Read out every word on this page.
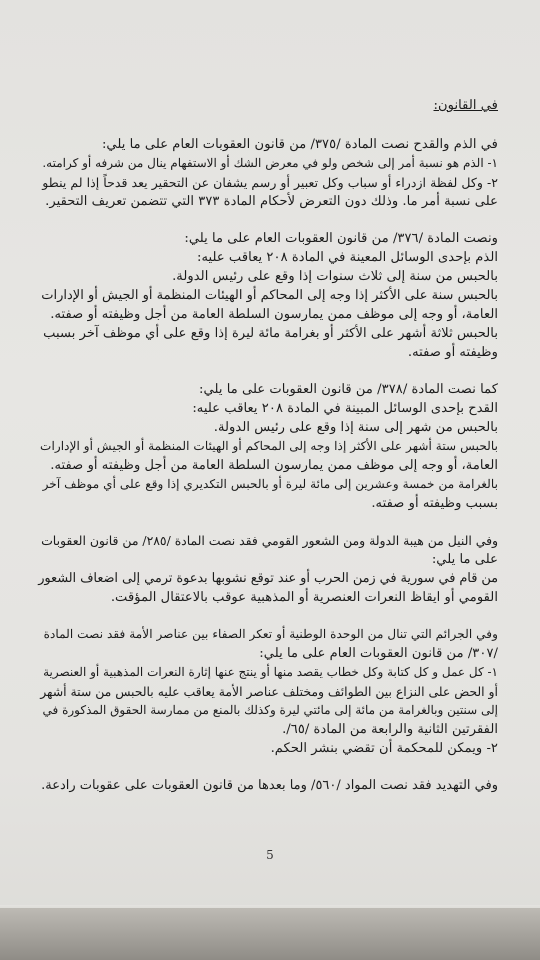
في القانون:
في الذم والقدح نصت المادة /٣٧٥/ من قانون العقوبات العام على ما يلي:
١- الذم هو نسبة أمر إلى شخص ولو في معرض الشك أو الاستفهام ينال من شرفه أو كرامته.
٢- وكل لفظة ازدراء أو سباب وكل تعبير أو رسم يشفان عن التحقير يعد قدحاً إذا لم ينطو
على نسبة أمر ما. وذلك دون التعرض لأحكام المادة ٣٧٣ التي تتضمن تعريف التحقير.
ونصت المادة /٣٧٦/ من قانون العقوبات العام على ما يلي:
الذم بإحدى الوسائل المعينة في المادة ٢٠٨ يعاقب عليه:
بالحبس من سنة إلى ثلاث سنوات إذا وقع على رئيس الدولة.
بالحبس سنة على الأكثر إذا وجه إلى المحاكم أو الهيئات المنظمة أو الجيش أو الإدارات
العامة، أو وجه إلى موظف ممن يمارسون السلطة العامة من أجل وظيفته أو صفته.
بالحبس ثلاثة أشهر على الأكثر أو بغرامة مائة ليرة إذا وقع على أي موظف آخر بسبب
وظيفته أو صفته.
كما نصت المادة /٣٧٨/ من قانون العقوبات على ما يلي:
القدح بإحدى الوسائل المبينة في المادة ٢٠٨ يعاقب عليه:
بالحبس من شهر إلى سنة إذا وقع على رئيس الدولة.
بالحبس ستة أشهر على الأكثر إذا وجه إلى المحاكم أو الهيئات المنظمة أو الجيش أو الإدارات
العامة، أو وجه إلى موظف ممن يمارسون السلطة العامة من أجل وظيفته أو صفته.
بالغرامة من خمسة وعشرين إلى مائة ليرة أو بالحبس التكديري إذا وقع على أي موظف آخر
بسبب وظيفته أو صفته.
وفي النيل من هيبة الدولة ومن الشعور القومي فقد نصت المادة /٢٨٥/ من قانون العقوبات
على ما يلي:
من قام في سورية في زمن الحرب أو عند توقع نشوبها بدعوة ترمي إلى اضعاف الشعور
القومي أو ايقاظ النعرات العنصرية أو المذهبية عوقب بالاعتقال المؤقت.
وفي الجرائم التي تنال من الوحدة الوطنية أو تعكر الصفاء بين عناصر الأمة فقد نصت المادة
/٣٠٧/ من قانون العقوبات العام على ما يلي:
١- كل عمل و كل كتابة وكل خطاب يقصد منها أو ينتج عنها إثارة النعرات المذهبية أو العنصرية
أو الحض على النزاع بين الطوائف ومختلف عناصر الأمة يعاقب عليه بالحبس من ستة أشهر
إلى سنتين وبالغرامة من مائة إلى مائتي ليرة وكذلك بالمنع من ممارسة الحقوق المذكورة في
الفقرتين الثانية والرابعة من المادة /٦٥/.
٢- ويمكن للمحكمة أن تقضي بنشر الحكم.
وفي التهديد فقد نصت المواد /٥٦٠/ وما بعدها من قانون العقوبات على عقوبات رادعة.
5
